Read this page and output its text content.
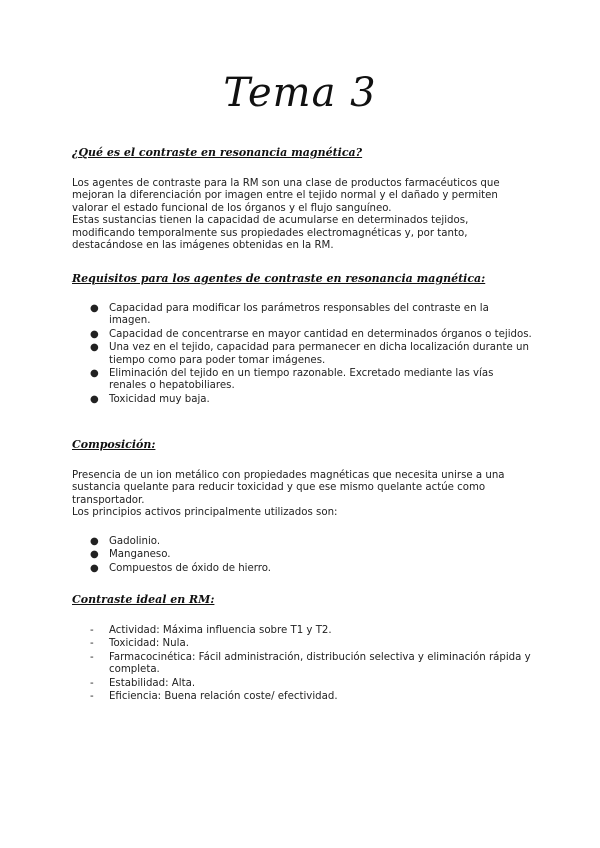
Tema 3
¿Qué es el contraste en resonancia magnética?

Los agentes de contraste para la RM son una clase de productos farmacéuticos que mejoran la diferenciación por imagen entre el tejido normal y el dañado y permiten valorar el estado funcional de los órganos y el flujo sanguíneo.
Estas sustancias tienen la capacidad de acumularse en determinados tejidos, modificando temporalmente sus propiedades electromagnéticas y, por tanto, destacándose en las imágenes obtenidas en la RM.

Requisitos para los agentes de contraste en resonancia magnética:
● Capacidad para modificar los parámetros responsables del contraste en la imagen.
● Capacidad de concentrarse en mayor cantidad en determinados órganos o tejidos.
● Una vez en el tejido, capacidad para permanecer en dicha localización durante un tiempo como para poder tomar imágenes.
● Eliminación del tejido en un tiempo razonable. Excretado mediante las vías renales o hepatobiliares.
● Toxicidad muy baja.
Composición:

Presencia de un ion metálico con propiedades magnéticas que necesita unirse a una sustancia quelante para reducir toxicidad y que ese mismo quelante actúe como transportador.
Los principios activos principalmente utilizados son:

● Gadolinio.
● Manganeso.
● Compuestos de óxido de hierro.
Contraste ideal en RM:
- Actividad: Máxima influencia sobre T1 y T2.
- Toxicidad: Nula.
- Farmacocinética: Fácil administración, distribución selectiva y eliminación rápida y completa.
- Estabilidad: Alta.
- Eficiencia: Buena relación coste/ efectividad.
